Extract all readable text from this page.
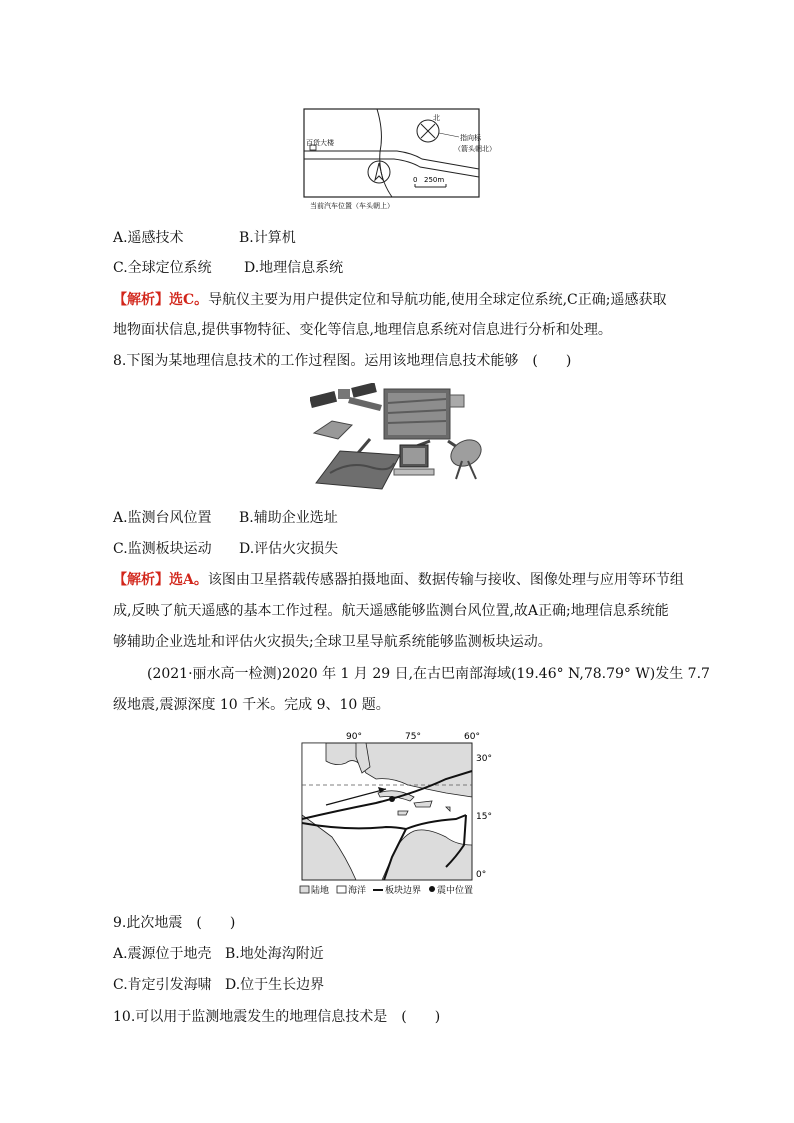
百货大楼
北
指向标
（箭头朝北）
0 250m
当前汽车位置（车头朝上）
A.遥感技术	B.计算机
C.全球定位系统 D.地理信息系统
【解析】选C。导航仪主要为用户提供定位和导航功能,使用全球定位系统,C正确;遥感获取
地物面状信息,提供事物特征、变化等信息,地理信息系统对信息进行分析和处理。
8.下图为某地理信息技术的工作过程图。运用该地理信息技术能够　(　　)
A.监测台风位置 B.辅助企业选址
C.监测板块运动 D.评估火灾损失
【解析】选A。该图由卫星搭载传感器拍摄地面、数据传输与接收、图像处理与应用等环节组
成,反映了航天遥感的基本工作过程。航天遥感能够监测台风位置,故A正确;地理信息系统能
够辅助企业选址和评估火灾损失;全球卫星导航系统能够监测板块运动。
(2021·丽水高一检测)2020 年 1 月 29 日,在古巴南部海域(19.46° N,78.79° W)发生 7.7
级地震,震源深度 10 千米。完成 9、10 题。
90°	75°	60°
30°
15°
0°
陆地 海洋 板块边界 震中位置
9.此次地震　(　　)
A.震源位于地壳 B.地处海沟附近
C.肯定引发海啸 D.位于生长边界
10.可以用于监测地震发生的地理信息技术是　(　　)
